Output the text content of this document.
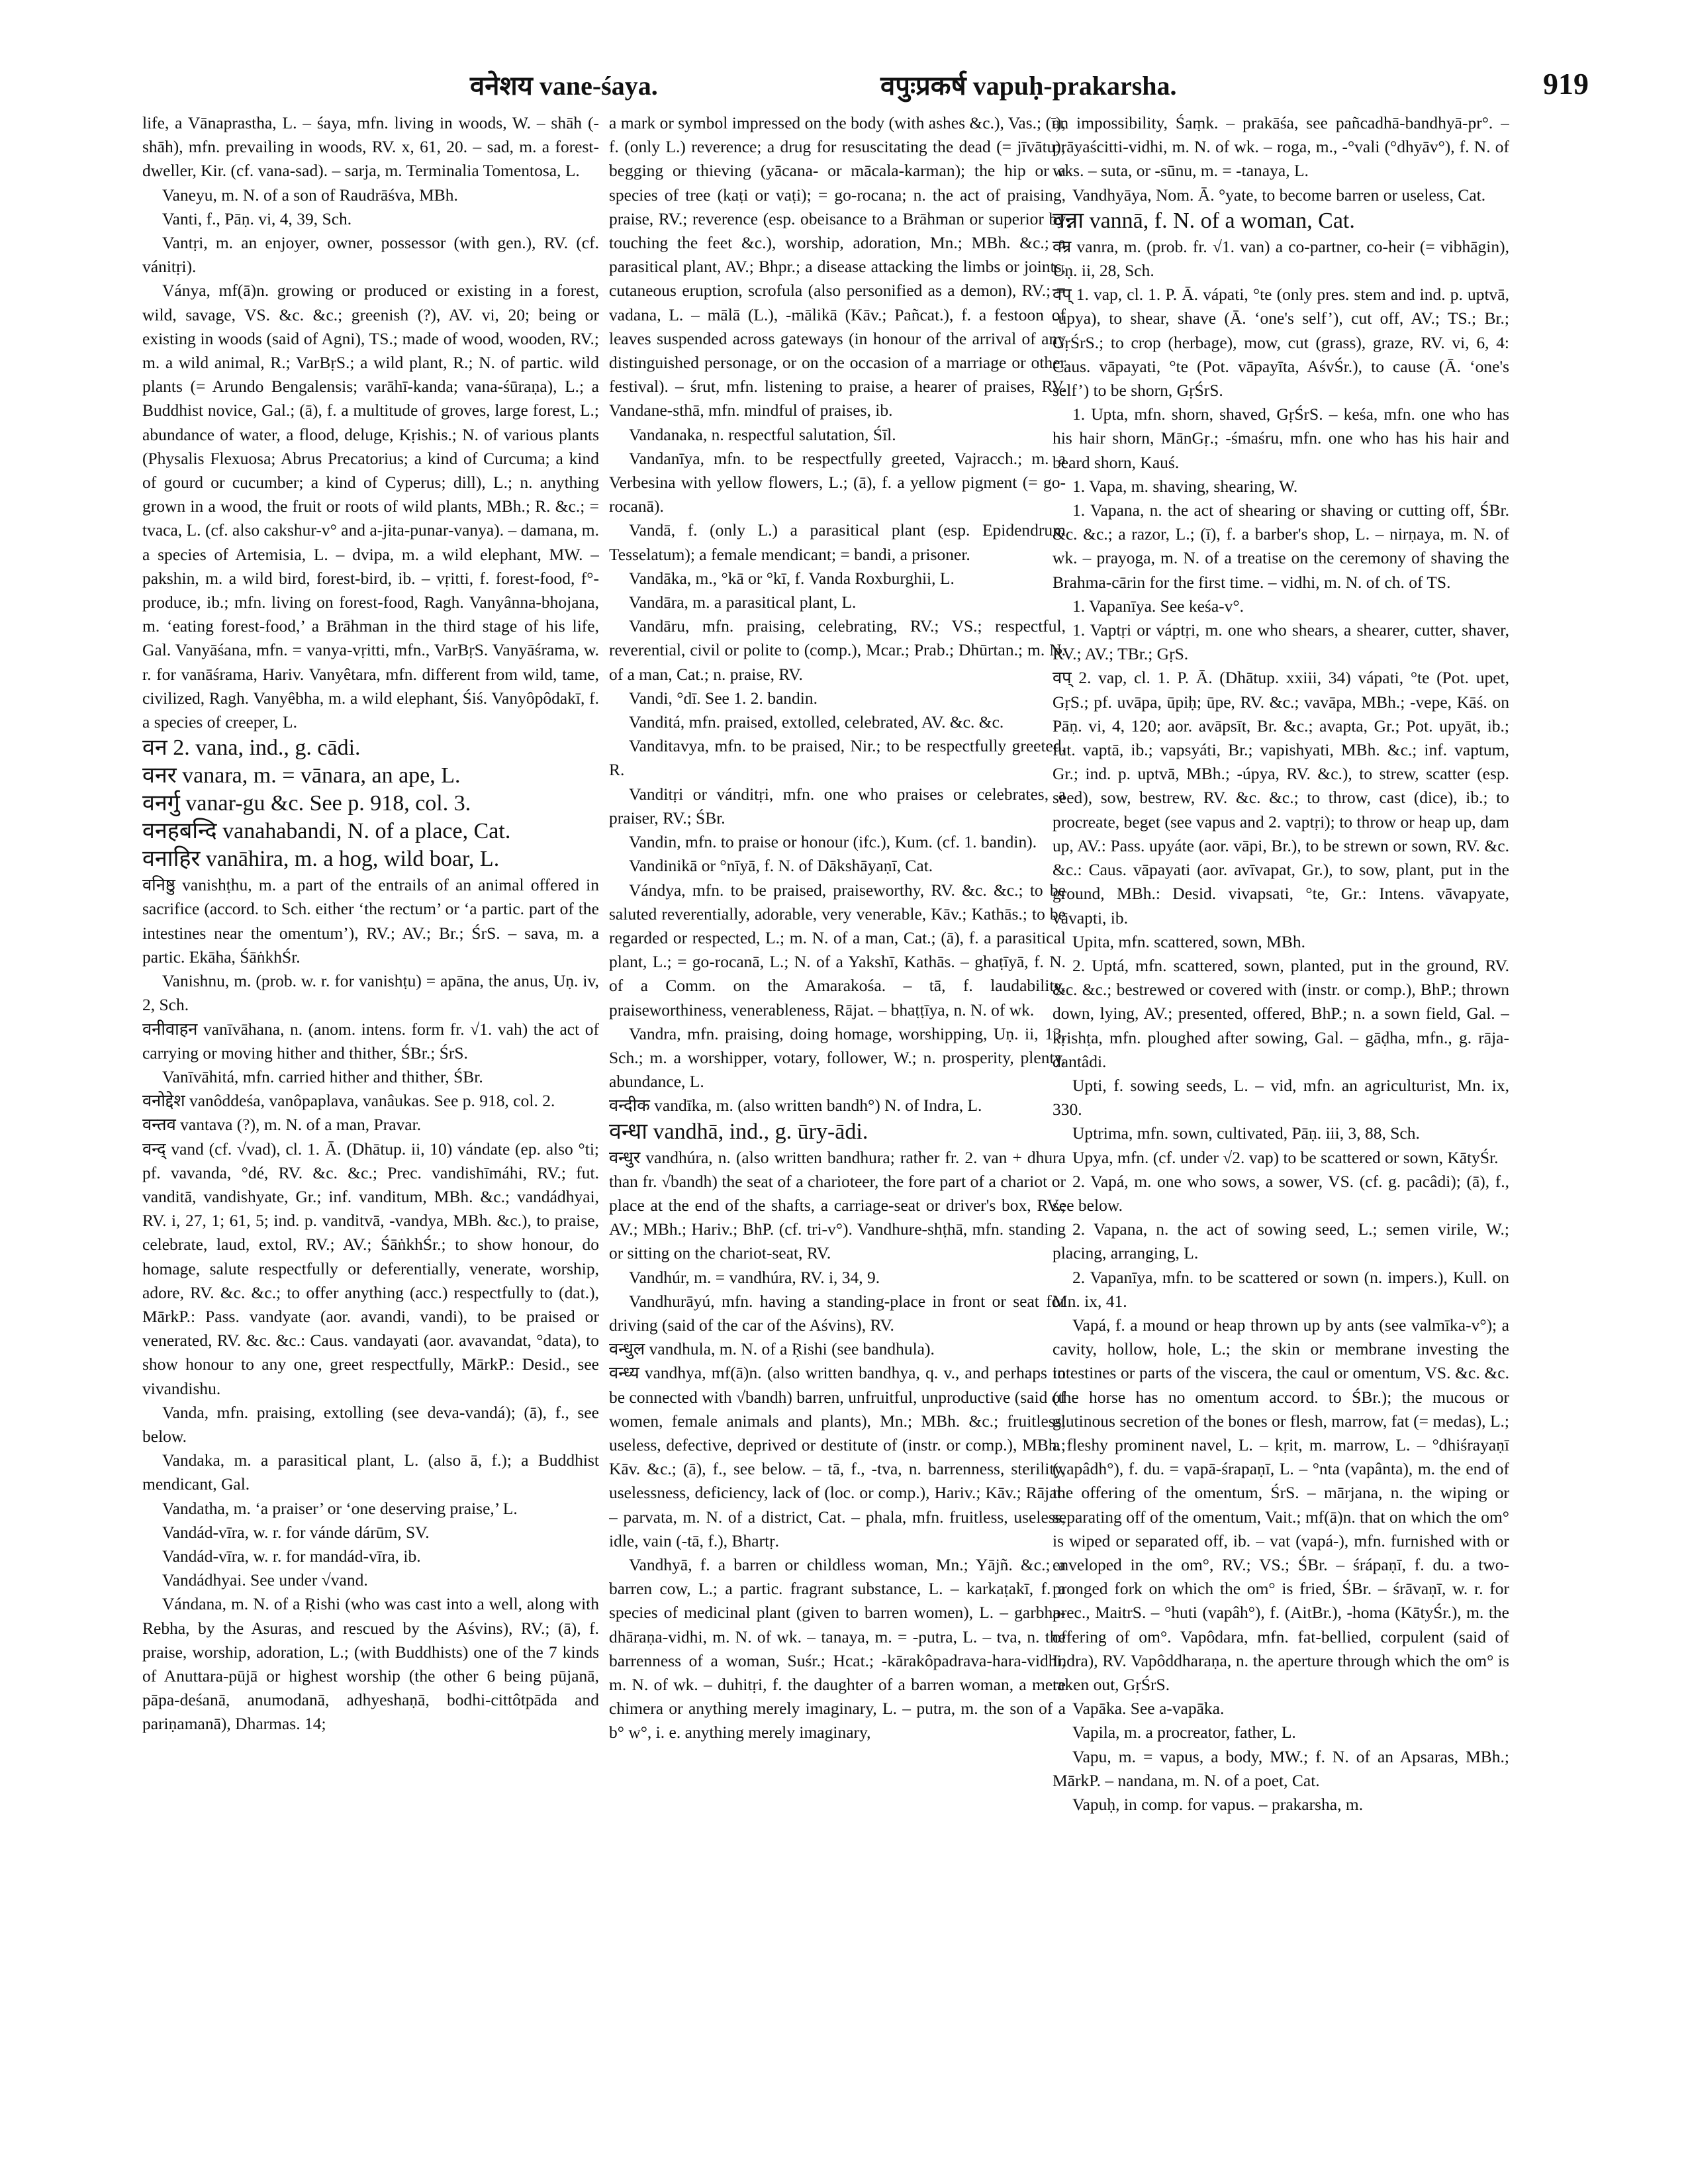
वनेशय vane-śaya.	वपुःप्रकर्ष vapuḥ-prakarsha.	919

life, a Vānaprastha, L. – śaya, mfn. living in woods, W. – shāh (-shāh), mfn. prevailing in woods, RV. x, 61, 20. – sad, m. a forest-dweller, Kir. (cf. vana-sad). – sarja, m. Terminalia Tomentosa, L.

Vaneyu, m. N. of a son of Raudrāśva, MBh.

Vanti, f., Pāṇ. vi, 4, 39, Sch.

Vantṛi, m. an enjoyer, owner, possessor (with gen.), RV. (cf. vánitṛi).

Ványa, mf(ā)n. growing or produced or existing in a forest, wild, savage, VS. &c. &c.; greenish (?), AV. vi, 20; being or existing in woods (said of Agni), TS.; made of wood, wooden, RV.; m. a wild animal, R.; VarBṛS.; a wild plant, R.; N. of partic. wild plants (= Arundo Bengalensis; varāhī-kanda; vana-śūraṇa), L.; a Buddhist novice, Gal.; (ā), f. a multitude of groves, large forest, L.; abundance of water, a flood, deluge, Kṛishis.; N. of various plants (Physalis Flexuosa; Abrus Precatorius; a kind of Curcuma; a kind of gourd or cucumber; a kind of Cyperus; dill), L.; n. anything grown in a wood, the fruit or roots of wild plants, MBh.; R. &c.; = tvaca, L. (cf. also cakshur-v° and a-jita-punar-vanya). – damana, m. a species of Artemisia, L. – dvipa, m. a wild elephant, MW. – pakshin, m. a wild bird, forest-bird, ib. – vṛitti, f. forest-food, f°-produce, ib.; mfn. living on forest-food, Ragh. Vanyânna-bhojana, m. ‘eating forest-food,’ a Brāhman in the third stage of his life, Gal. Vanyāśana, mfn. = vanya-vṛitti, mfn., VarBṛS. Vanyāśrama, w. r. for vanāśrama, Hariv. Vanyêtara, mfn. different from wild, tame, civilized, Ragh. Vanyêbha, m. a wild elephant, Śiś. Vanyôpôdakī, f. a species of creeper, L.

वन 2. vana, ind., g. cādi.

वनर vanara, m. = vānara, an ape, L.

वनर्गु vanar-gu &c. See p. 918, col. 3.

वनहबन्दि vanahabandi, N. of a place, Cat.

वनाहिर vanāhira, m. a hog, wild boar, L.

वनिष्ठु vanishṭhu, m. a part of the entrails of an animal offered in sacrifice (accord. to Sch. either ‘the rectum’ or ‘a partic. part of the intestines near the omentum’), RV.; AV.; Br.; ŚrS. – sava, m. a partic. Ekāha, ŚāṅkhŚr.

Vanishnu, m. (prob. w. r. for vanishṭu) = apāna, the anus, Uṇ. iv, 2, Sch.

वनीवाहन vanīvāhana, n. (anom. intens. form fr. √1. vah) the act of carrying or moving hither and thither, ŚBr.; ŚrS.

Vanīvāhitá, mfn. carried hither and thither, ŚBr.

वनोद्देश vanôddeśa, vanôpaplava, vanâukas. See p. 918, col. 2.

वन्तव vantava (?), m. N. of a man, Pravar.

वन्द् vand (cf. √vad), cl. 1. Ā. (Dhātup. ii, 10) vándate (ep. also °ti; pf. vavanda, °dé, RV. &c. &c.; Prec. vandishīmáhi, RV.; fut. vanditā, vandishyate, Gr.; inf. vanditum, MBh. &c.; vandádhyai, RV. i, 27, 1; 61, 5; ind. p. vanditvā, -vandya, MBh. &c.), to praise, celebrate, laud, extol, RV.; AV.; ŚāṅkhŚr.; to show honour, do homage, salute respectfully or deferentially, venerate, worship, adore, RV. &c. &c.; to offer anything (acc.) respectfully to (dat.), MārkP.: Pass. vandyate (aor. avandi, vandi), to be praised or venerated, RV. &c. &c.: Caus. vandayati (aor. avavandat, °data), to show honour to any one, greet respectfully, MārkP.: Desid., see vivandishu.

Vanda, mfn. praising, extolling (see deva-vandá); (ā), f., see below.

Vandaka, m. a parasitical plant, L. (also ā, f.); a Buddhist mendicant, Gal.

Vandatha, m. ‘a praiser’ or ‘one deserving praise,’ L.

Vandád-vīra, w. r. for vánde dárūm, SV.

Vandád-vīra, w. r. for mandád-vīra, ib.

Vandádhyai. See under √vand.

Vándana, m. N. of a Ṛishi (who was cast into a well, along with Rebha, by the Asuras, and rescued by the Aśvins), RV.; (ā), f. praise, worship, adoration, L.; (with Buddhists) one of the 7 kinds of Anuttara-pūjā or highest worship (the other 6 being pūjanā, pāpa-deśanā, anumodanā, adhyeshaṇā, bodhi-cittôtpāda and pariṇamanā), Dharmas. 14;

a mark or symbol impressed on the body (with ashes &c.), Vas.; (ī), f. (only L.) reverence; a drug for resuscitating the dead (= jīvātu); begging or thieving (yācana- or mācala-karman); the hip or a species of tree (kaṭi or vaṭi); = go-rocana; n. the act of praising, praise, RV.; reverence (esp. obeisance to a Brāhman or superior by touching the feet &c.), worship, adoration, Mn.; MBh. &c.; a parasitical plant, AV.; Bhpr.; a disease attacking the limbs or joints, cutaneous eruption, scrofula (also personified as a demon), RV.; = vadana, L. – mālā (L.), -mālikā (Kāv.; Pañcat.), f. a festoon of leaves suspended across gateways (in honour of the arrival of any distinguished personage, or on the occasion of a marriage or other festival). – śrut, mfn. listening to praise, a hearer of praises, RV. Vandane-sthā, mfn. mindful of praises, ib.

Vandanaka, n. respectful salutation, Śīl.

Vandanīya, mfn. to be respectfully greeted, Vajracch.; m. a Verbesina with yellow flowers, L.; (ā), f. a yellow pigment (= go-rocanā).

Vandā, f. (only L.) a parasitical plant (esp. Epidendrum Tesselatum); a female mendicant; = bandi, a prisoner.

Vandāka, m., °kā or °kī, f. Vanda Roxburghii, L.

Vandāra, m. a parasitical plant, L.

Vandāru, mfn. praising, celebrating, RV.; VS.; respectful, reverential, civil or polite to (comp.), Mcar.; Prab.; Dhūrtan.; m. N. of a man, Cat.; n. praise, RV.

Vandi, °dī. See 1. 2. bandin.

Vanditá, mfn. praised, extolled, celebrated, AV. &c. &c.

Vanditavya, mfn. to be praised, Nir.; to be respectfully greeted, R.

Vanditṛi or vánditṛi, mfn. one who praises or celebrates, a praiser, RV.; ŚBr.

Vandin, mfn. to praise or honour (ifc.), Kum. (cf. 1. bandin).

Vandinikā or °nīyā, f. N. of Dākshāyaṇī, Cat.

Vándya, mfn. to be praised, praiseworthy, RV. &c. &c.; to be saluted reverentially, adorable, very venerable, Kāv.; Kathās.; to be regarded or respected, L.; m. N. of a man, Cat.; (ā), f. a parasitical plant, L.; = go-rocanā, L.; N. of a Yakshī, Kathās. – ghaṭīyā, f. N. of a Comm. on the Amarakośa. – tā, f. laudability, praiseworthiness, venerableness, Rājat. – bhaṭṭīya, n. N. of wk.

Vandra, mfn. praising, doing homage, worshipping, Uṇ. ii, 13, Sch.; m. a worshipper, votary, follower, W.; n. prosperity, plenty, abundance, L.

वन्दीक vandīka, m. (also written bandh°) N. of Indra, L.

वन्धा vandhā, ind., g. ūry-ādi.

वन्धुर vandhúra, n. (also written bandhura; rather fr. 2. van + dhura than fr. √bandh) the seat of a charioteer, the fore part of a chariot or place at the end of the shafts, a carriage-seat or driver's box, RV.; AV.; MBh.; Hariv.; BhP. (cf. tri-v°). Vandhure-shṭhā, mfn. standing or sitting on the chariot-seat, RV.

Vandhúr, m. = vandhúra, RV. i, 34, 9.

Vandhurāyú, mfn. having a standing-place in front or seat for driving (said of the car of the Aśvins), RV.

वन्धुल vandhula, m. N. of a Ṛishi (see bandhula).

वन्ध्य vandhya, mf(ā)n. (also written bandhya, q. v., and perhaps to be connected with √bandh) barren, unfruitful, unproductive (said of women, female animals and plants), Mn.; MBh. &c.; fruitless, useless, defective, deprived or destitute of (instr. or comp.), MBh.; Kāv. &c.; (ā), f., see below. – tā, f., -tva, n. barrenness, sterility, uselessness, deficiency, lack of (loc. or comp.), Hariv.; Kāv.; Rājat. – parvata, m. N. of a district, Cat. – phala, mfn. fruitless, useless, idle, vain (-tā, f.), Bhartṛ.

Vandhyā, f. a barren or childless woman, Mn.; Yājñ. &c.; a barren cow, L.; a partic. fragrant substance, L. – karkaṭakī, f. a species of medicinal plant (given to barren women), L. – garbha-dhāraṇa-vidhi, m. N. of wk. – tanaya, m. = -putra, L. – tva, n. the barrenness of a woman, Suśr.; Hcat.; -kārakôpadrava-hara-vidhi, m. N. of wk. – duhitṛi, f. the daughter of a barren woman, a mere chimera or anything merely imaginary, L. – putra, m. the son of a b° w°, i. e. anything merely imaginary,

an impossibility, Śaṃk. – prakāśa, see pañcadhā-bandhyā-pr°. – prāyaścitti-vidhi, m. N. of wk. – roga, m., -°vali (°dhyāv°), f. N. of wks. – suta, or -sūnu, m. = -tanaya, L.

Vandhyāya, Nom. Ā. °yate, to become barren or useless, Cat.

वन्ना vannā, f. N. of a woman, Cat.

वन्र vanra, m. (prob. fr. √1. van) a co-partner, co-heir (= vibhāgin), Uṇ. ii, 28, Sch.

वप् 1. vap, cl. 1. P. Ā. vápati, °te (only pres. stem and ind. p. uptvā, -upya), to shear, shave (Ā. ‘one's self’), cut off, AV.; TS.; Br.; GṛŚrS.; to crop (herbage), mow, cut (grass), graze, RV. vi, 6, 4: Caus. vāpayati, °te (Pot. vāpayīta, AśvŚr.), to cause (Ā. ‘one's self’) to be shorn, GṛŚrS.

1. Upta, mfn. shorn, shaved, GṛŚrS. – keśa, mfn. one who has his hair shorn, MānGṛ.; -śmaśru, mfn. one who has his hair and beard shorn, Kauś.

1. Vapa, m. shaving, shearing, W.

1. Vapana, n. the act of shearing or shaving or cutting off, ŚBr. &c. &c.; a razor, L.; (ī), f. a barber's shop, L. – nirṇaya, m. N. of wk. – prayoga, m. N. of a treatise on the ceremony of shaving the Brahma-cārin for the first time. – vidhi, m. N. of ch. of TS.

1. Vapanīya. See keśa-v°.

1. Vaptṛi or váptṛi, m. one who shears, a shearer, cutter, shaver, RV.; AV.; TBr.; GṛS.

वप् 2. vap, cl. 1. P. Ā. (Dhātup. xxiii, 34) vápati, °te (Pot. upet, GṛS.; pf. uvāpa, ūpiḥ; ūpe, RV. &c.; vavāpa, MBh.; -vepe, Kāś. on Pāṇ. vi, 4, 120; aor. avāpsīt, Br. &c.; avapta, Gr.; Pot. upyāt, ib.; fut. vaptā, ib.; vapsyáti, Br.; vapishyati, MBh. &c.; inf. vaptum, Gr.; ind. p. uptvā, MBh.; -úpya, RV. &c.), to strew, scatter (esp. seed), sow, bestrew, RV. &c. &c.; to throw, cast (dice), ib.; to procreate, beget (see vapus and 2. vaptṛi); to throw or heap up, dam up, AV.: Pass. upyáte (aor. vāpi, Br.), to be strewn or sown, RV. &c. &c.: Caus. vāpayati (aor. avīvapat, Gr.), to sow, plant, put in the ground, MBh.: Desid. vivapsati, °te, Gr.: Intens. vāvapyate, vāvapti, ib.

Upita, mfn. scattered, sown, MBh.

2. Uptá, mfn. scattered, sown, planted, put in the ground, RV. &c. &c.; bestrewed or covered with (instr. or comp.), BhP.; thrown down, lying, AV.; presented, offered, BhP.; n. a sown field, Gal. – kṛishṭa, mfn. ploughed after sowing, Gal. – gāḍha, mfn., g. rāja-dantâdi.

Upti, f. sowing seeds, L. – vid, mfn. an agriculturist, Mn. ix, 330.

Uptrima, mfn. sown, cultivated, Pāṇ. iii, 3, 88, Sch.

Upya, mfn. (cf. under √2. vap) to be scattered or sown, KātyŚr.

2. Vapá, m. one who sows, a sower, VS. (cf. g. pacâdi); (ā), f., see below.

2. Vapana, n. the act of sowing seed, L.; semen virile, W.; placing, arranging, L.

2. Vapanīya, mfn. to be scattered or sown (n. impers.), Kull. on Mn. ix, 41.

Vapá, f. a mound or heap thrown up by ants (see valmīka-v°); a cavity, hollow, hole, L.; the skin or membrane investing the intestines or parts of the viscera, the caul or omentum, VS. &c. &c. (the horse has no omentum accord. to ŚBr.); the mucous or glutinous secretion of the bones or flesh, marrow, fat (= medas), L.; a fleshy prominent navel, L. – kṛit, m. marrow, L. – °dhiśrayaṇī (vapâdh°), f. du. = vapā-śrapaṇī, L. – °nta (vapânta), m. the end of the offering of the omentum, ŚrS. – mārjana, n. the wiping or separating off of the omentum, Vait.; mf(ā)n. that on which the om° is wiped or separated off, ib. – vat (vapá-), mfn. furnished with or enveloped in the om°, RV.; VS.; ŚBr. – śrápaṇī, f. du. a two-pronged fork on which the om° is fried, ŚBr. – śrāvaṇī, w. r. for prec., MaitrS. – °huti (vapâh°), f. (AitBr.), -homa (KātyŚr.), m. the offering of om°. Vapôdara, mfn. fat-bellied, corpulent (said of Indra), RV. Vapôddharaṇa, n. the aperture through which the om° is taken out, GṛŚrS.

Vapāka. See a-vapāka.

Vapila, m. a procreator, father, L.

Vapu, m. = vapus, a body, MW.; f. N. of an Apsaras, MBh.; MārkP. – nandana, m. N. of a poet, Cat.

Vapuḥ, in comp. for vapus. – prakarsha, m.
